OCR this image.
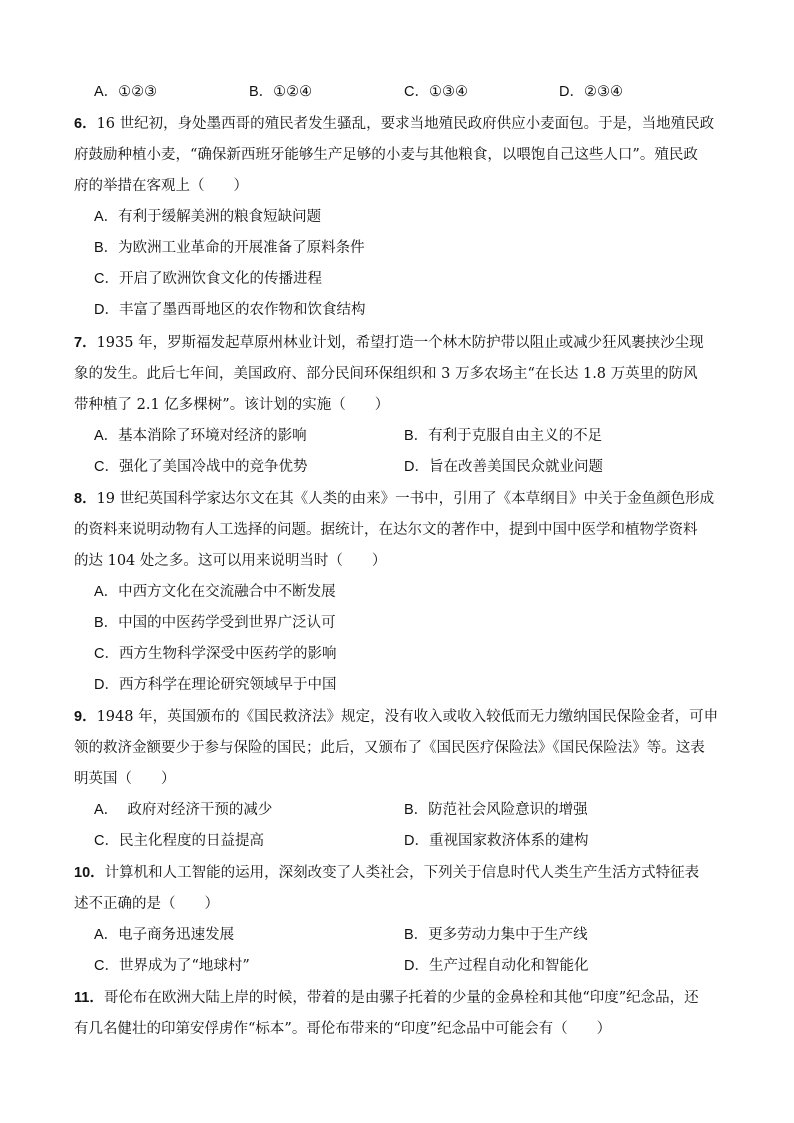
A．①②③	B．①②④	C．①③④	D．②③④
6．16 世纪初，身处墨西哥的殖民者发生骚乱，要求当地殖民政府供应小麦面包。于是，当地殖民政
府鼓励种植小麦，“确保新西班牙能够生产足够的小麦与其他粮食，以喂饱自己这些人口”。殖民政
府的举措在客观上（　　）
A．有利于缓解美洲的粮食短缺问题
B．为欧洲工业革命的开展准备了原料条件
C．开启了欧洲饮食文化的传播进程
D．丰富了墨西哥地区的农作物和饮食结构
7．1935 年，罗斯福发起草原州林业计划，希望打造一个林木防护带以阻止或减少狂风裹挟沙尘现
象的发生。此后七年间，美国政府、部分民间环保组织和 3 万多农场主“在长达 1.8 万英里的防风
带种植了 2.1 亿多棵树”。该计划的实施（　　）
A．基本消除了环境对经济的影响	B．有利于克服自由主义的不足
C．强化了美国冷战中的竞争优势	D．旨在改善美国民众就业问题
8．19 世纪英国科学家达尔文在其《人类的由来》一书中，引用了《本草纲目》中关于金鱼颜色形成
的资料来说明动物有人工选择的问题。据统计，在达尔文的著作中，提到中国中医学和植物学资料
的达 104 处之多。这可以用来说明当时（　　）
A．中西方文化在交流融合中不断发展
B．中国的中医药学受到世界广泛认可
C．西方生物科学深受中医药学的影响
D．西方科学在理论研究领域早于中国
9．1948 年，英国颁布的《国民救济法》规定，没有收入或收入较低而无力缴纳国民保险金者，可申
领的救济金额要少于参与保险的国民；此后，又颁布了《国民医疗保险法》《国民保险法》等。这表
明英国（　　）
A．  政府对经济干预的减少	B．防范社会风险意识的增强
C．民主化程度的日益提高	D．重视国家救济体系的建构
10．计算机和人工智能的运用，深刻改变了人类社会，下列关于信息时代人类生产生活方式特征表
述不正确的是（　　）
A．电子商务迅速发展	B．更多劳动力集中于生产线
C．世界成为了“地球村”	D．生产过程自动化和智能化
11．哥伦布在欧洲大陆上岸的时候，带着的是由骡子托着的少量的金鼻栓和其他“印度”纪念品，还
有几名健壮的印第安俘虏作“标本”。哥伦布带来的“印度”纪念品中可能会有（　　）
